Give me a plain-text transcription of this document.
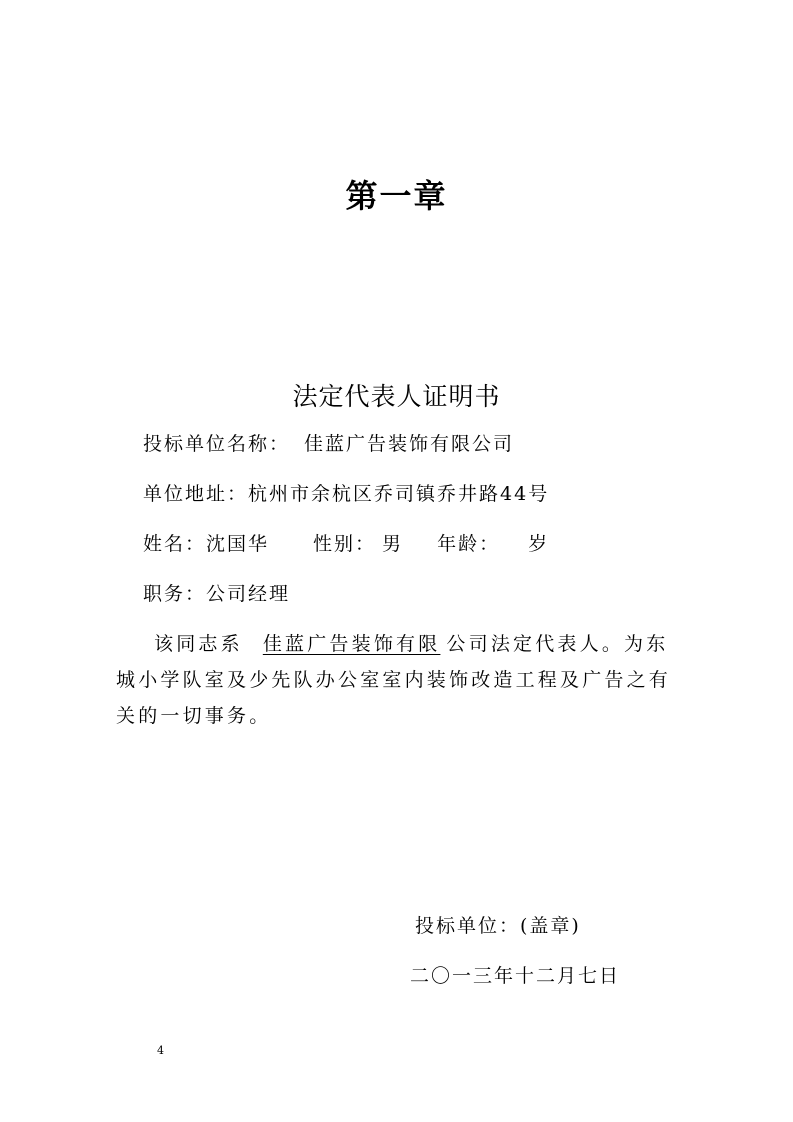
第一章
法定代表人证明书
投标单位名称： 佳蓝广告装饰有限公司
单位地址：杭州市余杭区乔司镇乔井路44号
姓名：沈国华 性别： 男 年龄： 岁
职务：公司经理
该同志系 佳蓝广告装饰有限 公司法定代表人。为东城小学队室及少先队办公室室内装饰改造工程及广告之有关的一切事务。
投标单位：(盖章)
二〇一三年十二月七日
4
